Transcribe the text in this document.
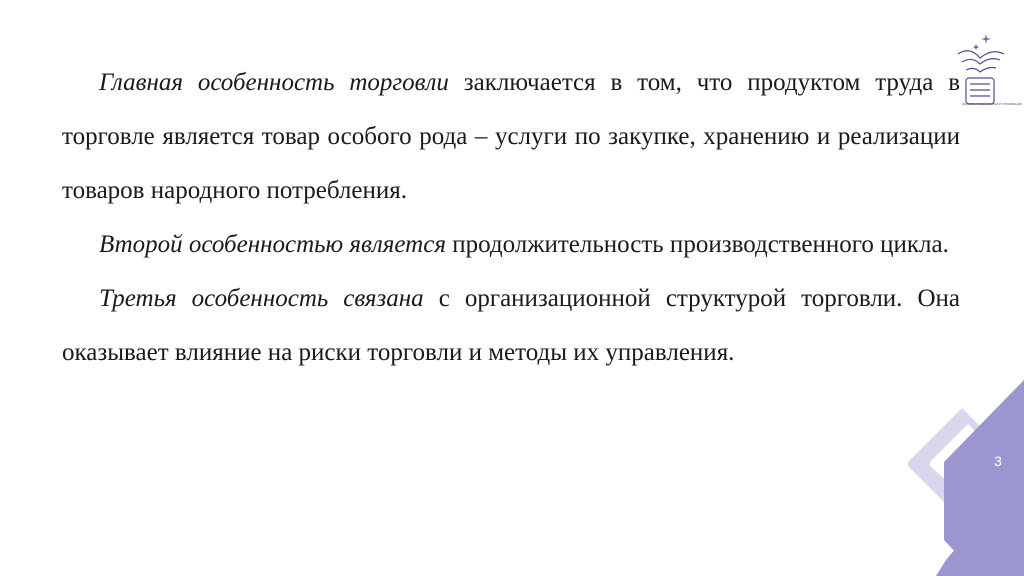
Главная особенность торговли заключается в том, что продуктом труда в торговле является товар особого рода – услуги по закупке, хранению и реализации товаров народного потребления.

Второй особенностью является продолжительность производственного цикла.

Третья особенность связана с организационной структурой торговли. Она оказывает влияние на риски торговли и методы их управления.

3
ИНСТИТУТ ЭКОНОМИКИ И УПРАВЛЕНИЯ
